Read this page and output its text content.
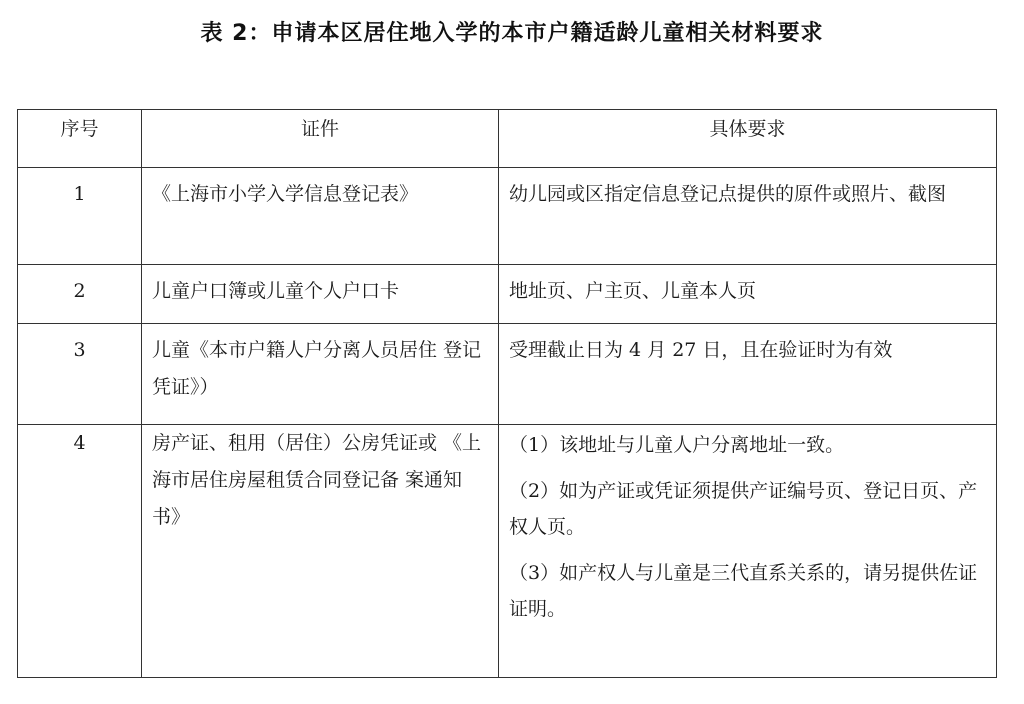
表 2：申请本区居住地入学的本市户籍适龄儿童相关材料要求
序号	证件	具体要求

1	《上海市小学入学信息登记表》	幼儿园或区指定信息登记点提供的原件或照片、截图

2	儿童户口簿或儿童个人户口卡	地址页、户主页、儿童本人页

3	儿童《本市户籍人户分离人员居住 登记凭证》）	受理截止日为 4 月 27 日，且在验证时为有效

4	房产证、租用（居住）公房凭证或 《上海市居住房屋租赁合同登记备 案通知书》	（1）该地址与儿童人户分离地址一致。
（2）如为产证或凭证须提供产证编号页、登记日页、产权人页。
（3）如产权人与儿童是三代直系关系的，请另提供佐证证明。
